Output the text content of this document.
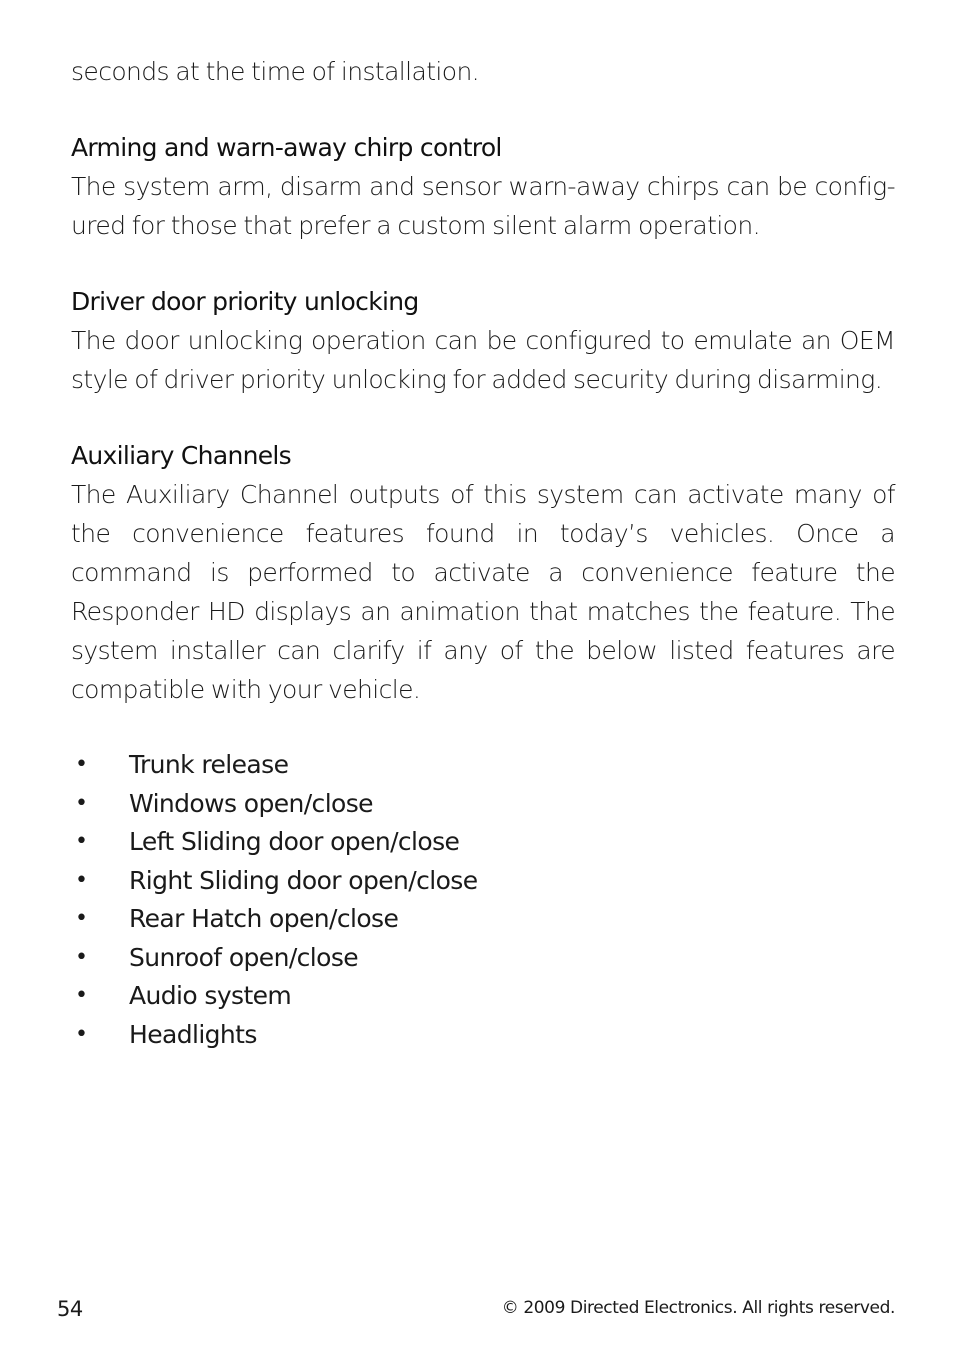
seconds at the time of installation.

Arming and warn-away chirp control

The system arm, disarm and sensor warn-away chirps can be config-ured for those that prefer a custom silent alarm operation.

Driver door priority unlocking

The door unlocking operation can be configured to emulate an OEM style of driver priority unlocking for added security during disarming.

Auxiliary Channels

The Auxiliary Channel outputs of this system can activate many of the convenience features found in today’s vehicles. Once a command is performed to activate a convenience feature the Responder HD displays an animation that matches the feature. The system installer can clarify if any of the below listed features are compatible with your vehicle.

• Trunk release
• Windows open/close
• Left Sliding door open/close
• Right Sliding door open/close
• Rear Hatch open/close
• Sunroof open/close
• Audio system
• Headlights
54	© 2009 Directed Electronics. All rights reserved.
